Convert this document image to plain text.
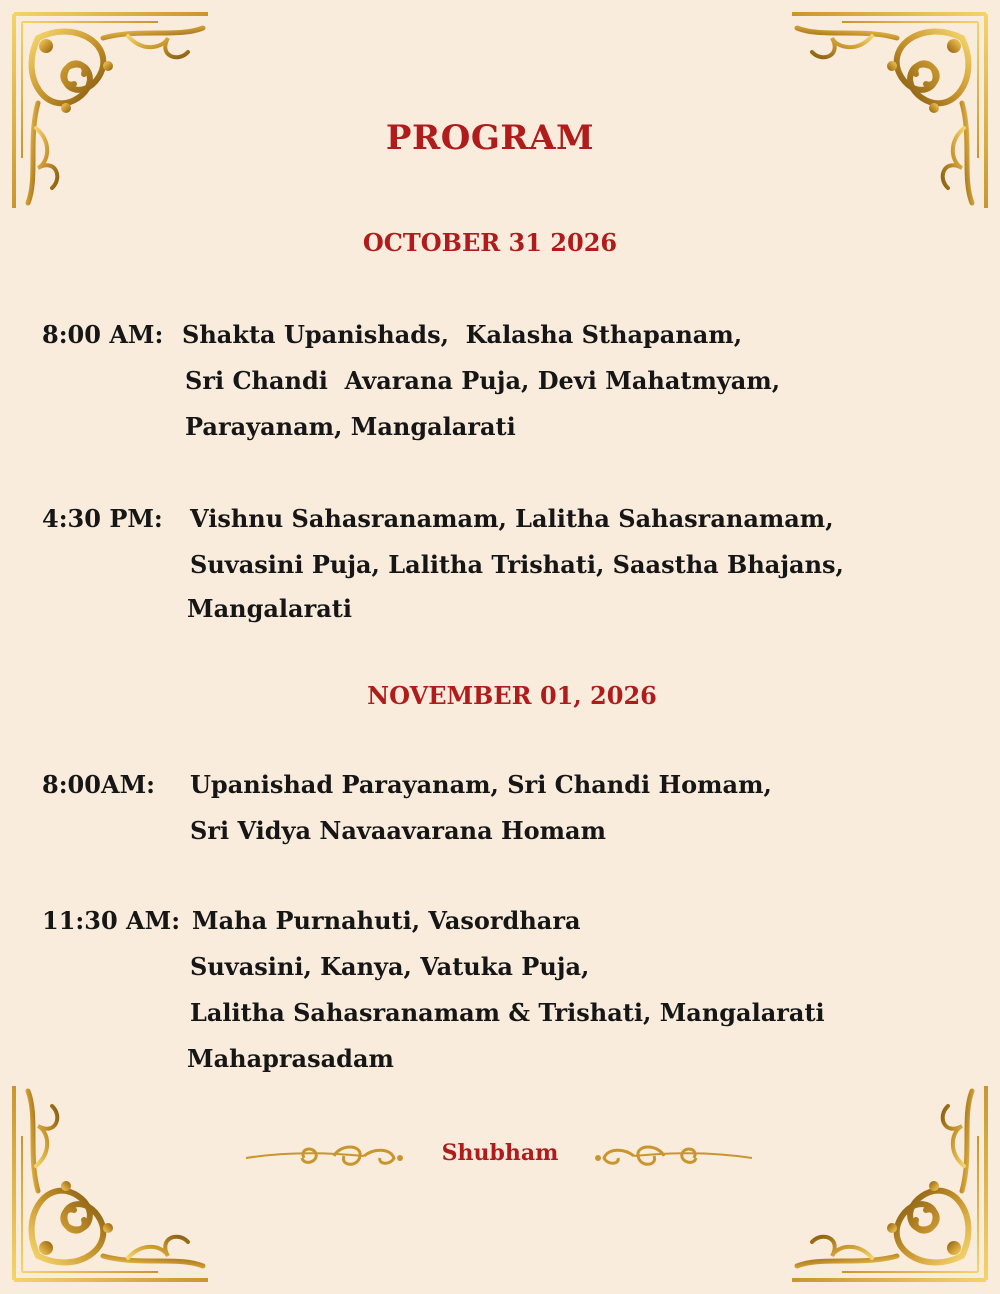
PROGRAM
OCTOBER 31 2026
8:00 AM: Shakta Upanishads,  Kalasha Sthapanam,
Sri Chandi  Avarana Puja, Devi Mahatmyam,
Parayanam, Mangalarati
4:30 PM: Vishnu Sahasranamam, Lalitha Sahasranamam,
Suvasini Puja, Lalitha Trishati, Saastha Bhajans,
Mangalarati
NOVEMBER 01, 2026
8:00AM: Upanishad Parayanam, Sri Chandi Homam,
Sri Vidya Navaavarana Homam
11:30 AM: Maha Purnahuti, Vasordhara
Suvasini, Kanya, Vatuka Puja,
Lalitha Sahasranamam & Trishati, Mangalarati
Mahaprasadam
Shubham
